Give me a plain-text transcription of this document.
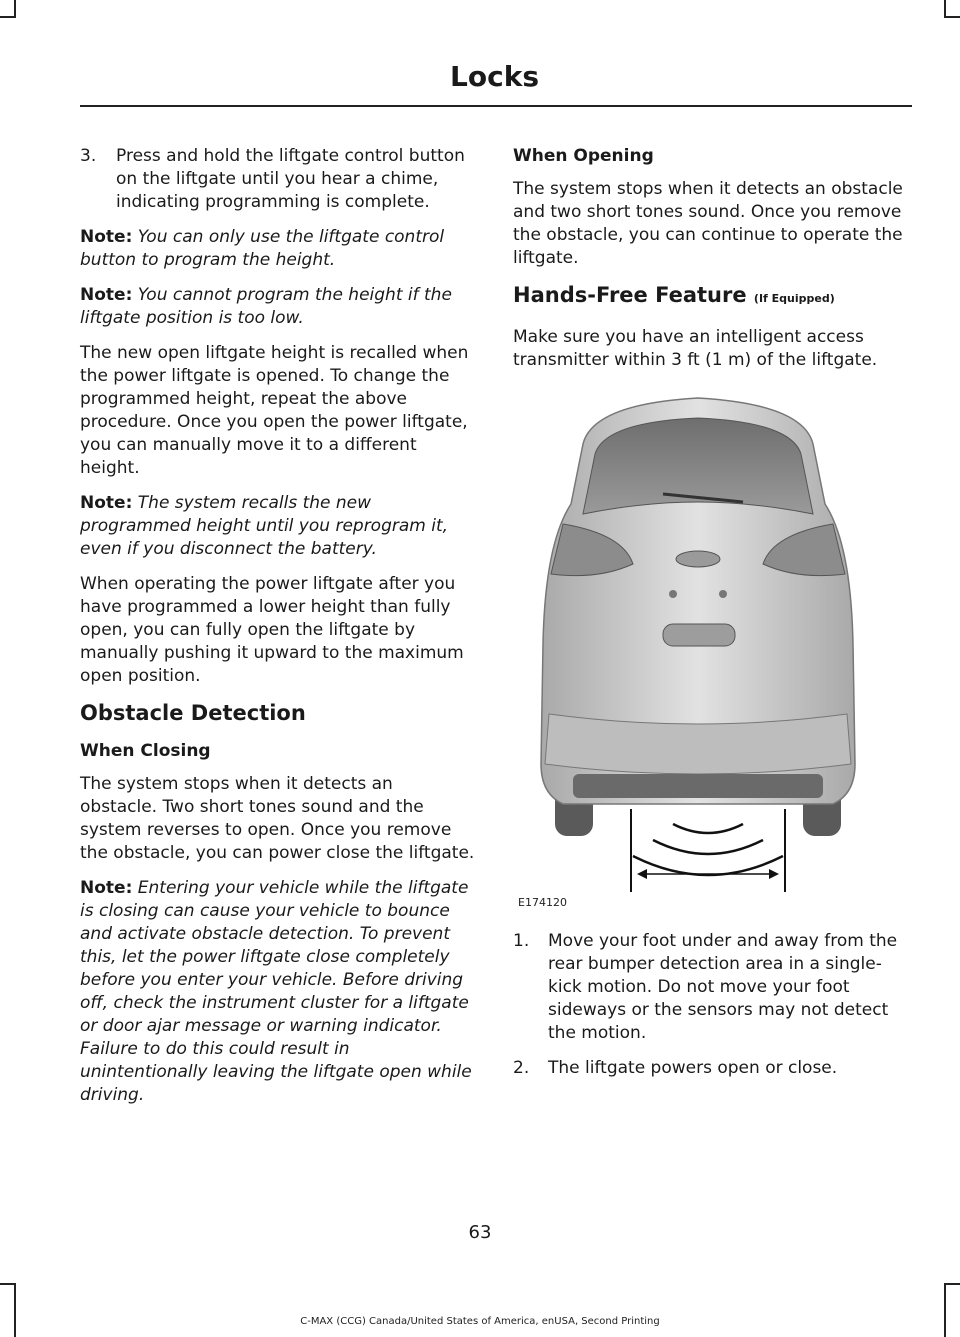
Locks
3.	Press and hold the liftgate control button on the liftgate until you hear a chime, indicating programming is complete.

Note: You can only use the liftgate control button to program the height.

Note: You cannot program the height if the liftgate position is too low.

The new open liftgate height is recalled when the power liftgate is opened. To change the programmed height, repeat the above procedure. Once you open the power liftgate, you can manually move it to a different height.

Note: The system recalls the new programmed height until you reprogram it, even if you disconnect the battery.

When operating the power liftgate after you have programmed a lower height than fully open, you can fully open the liftgate by manually pushing it upward to the maximum open position.

Obstacle Detection
When Closing

The system stops when it detects an obstacle. Two short tones sound and the system reverses to open. Once you remove the obstacle, you can power close the liftgate.

Note: Entering your vehicle while the liftgate is closing can cause your vehicle to bounce and activate obstacle detection. To prevent this, let the power liftgate close completely before you enter your vehicle. Before driving off, check the instrument cluster for a liftgate or door ajar message or warning indicator. Failure to do this could result in unintentionally leaving the liftgate open while driving.

When Opening

The system stops when it detects an obstacle and two short tones sound. Once you remove the obstacle, you can continue to operate the liftgate.

Hands-Free Feature (If Equipped)

Make sure you have an intelligent access transmitter within 3 ft (1 m) of the liftgate.

E174120
1.	Move your foot under and away from the rear bumper detection area in a single-kick motion. Do not move your foot sideways or the sensors may not detect the motion.
2.	The liftgate powers open or close.
63
C-MAX (CCG) Canada/United States of America, enUSA, Second Printing
